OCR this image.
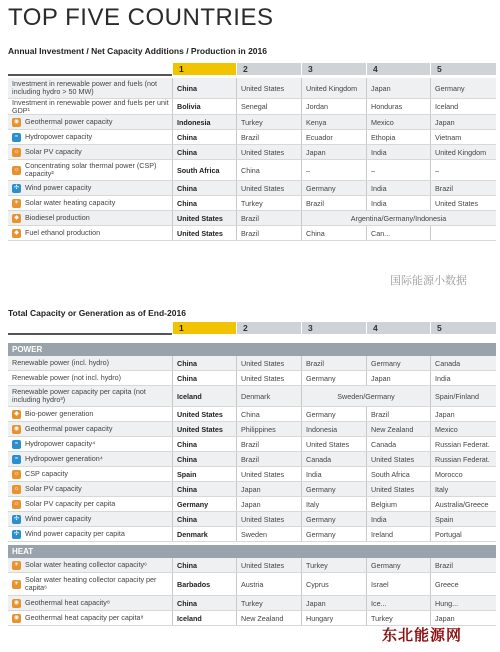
TOP FIVE COUNTRIES
Annual Investment / Net Capacity Additions / Production in 2016
1	2	3	4	5
Investment in renewable power and fuels (not including hydro > 50 MW)	China	United States	United Kingdom	Japan	Germany
Investment in renewable power and fuels per unit GDP¹	Bolivia	Senegal	Jordan	Honduras	Iceland
◉ Geothermal power capacity	Indonesia	Turkey	Kenya	Mexico	Japan
≈ Hydropower capacity	China	Brazil	Ecuador	Ethopia	Vietnam
☼ Solar PV capacity	China	United States	Japan	India	United Kingdom
☼ Concentrating solar thermal power (CSP) capacity²	South Africa	China	–	–	–
✣ Wind power capacity	China	United States	Germany	India	Brazil
☀ Solar water heating capacity	China	Turkey	Brazil	India	United States
◆ Biodiesel production	United States	Brazil	Argentina/Germany/Indonesia
◆ Fuel ethanol production	United States	Brazil	China	Can...
Total Capacity or Generation as of End-2016
1	2	3	4	5
POWER
Renewable power (incl. hydro)	China	United States	Brazil	Germany	Canada
Renewable power (not incl. hydro)	China	United States	Germany	Japan	India
Renewable power capacity per capita (not including hydro³)	Iceland	Denmark	Sweden/Germany	Spain/Finland
◆ Bio-power generation	United States	China	Germany	Brazil	Japan
◉ Geothermal power capacity	United States	Philippines	Indonesia	New Zealand	Mexico
≈ Hydropower capacity⁴	China	Brazil	United States	Canada	Russian Federat.
≈ Hydropower generation⁴	China	Brazil	Canada	United States	Russian Federat.
☼ CSP capacity	Spain	United States	India	South Africa	Morocco
☼ Solar PV capacity	China	Japan	Germany	United States	Italy
☼ Solar PV capacity per capita	Germany	Japan	Italy	Belgium	Australia/Greece
✣ Wind power capacity	China	United States	Germany	India	Spain
✣ Wind power capacity per capita	Denmark	Sweden	Germany	Ireland	Portugal
HEAT
☀ Solar water heating collector capacity⁶	China	United States	Turkey	Germany	Brazil
☀ Solar water heating collector capacity per capita⁶	Barbados	Austria	Cyprus	Israel	Greece
◉ Geothermal heat capacity⁸	China	Turkey	Japan	Ice...	Hung...
◉ Geothermal heat capacity per capita⁸	Iceland	New Zealand	Hungary	Turkey	Japan
国际能源小数据
东北能源网
